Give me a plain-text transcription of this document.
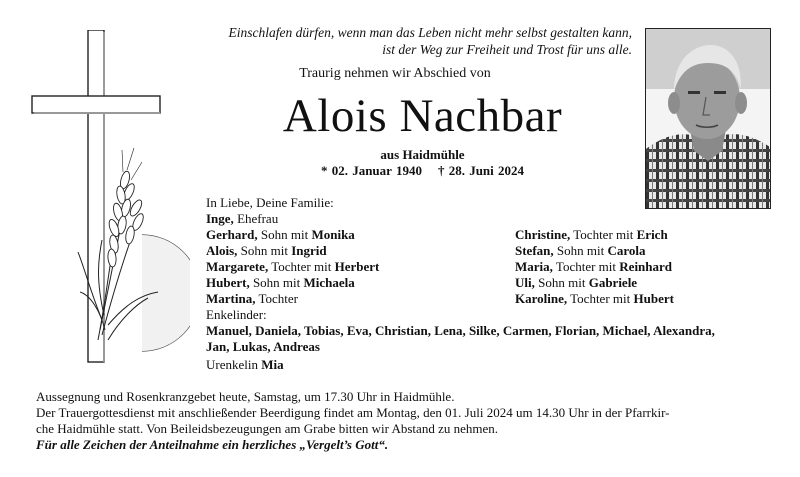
Einschlafen dürfen, wenn man das Leben nicht mehr selbst gestalten kann,
ist der Weg zur Freiheit und Trost für uns alle.
Traurig nehmen wir Abschied von
Alois Nachbar
aus Haidmühle
* 02. Januar 1940 † 28. Juni 2024
In Liebe, Deine Familie:
Inge, Ehefrau
Gerhard, Sohn mit Monika
Alois, Sohn mit Ingrid
Margarete, Tochter mit Herbert
Hubert, Sohn mit Michaela
Martina, Tochter
Christine, Tochter mit Erich
Stefan, Sohn mit Carola
Maria, Tochter mit Reinhard
Uli, Sohn mit Gabriele
Karoline, Tochter mit Hubert
Enkelinder:
Manuel, Daniela, Tobias, Eva, Christian, Lena, Silke, Carmen, Florian, Michael, Alexandra,
Jan, Lukas, Andreas
Urenkelin Mia
Aussegnung und Rosenkranzgebet heute, Samstag, um 17.30 Uhr in Haidmühle.
Der Trauergottesdienst mit anschließender Beerdigung findet am Montag, den 01. Juli 2024 um 14.30 Uhr in der Pfarrkir-
che Haidmühle statt. Von Beileidsbezeugungen am Grabe bitten wir Abstand zu nehmen.
Für alle Zeichen der Anteilnahme ein herzliches „Vergelt’s Gott“.
